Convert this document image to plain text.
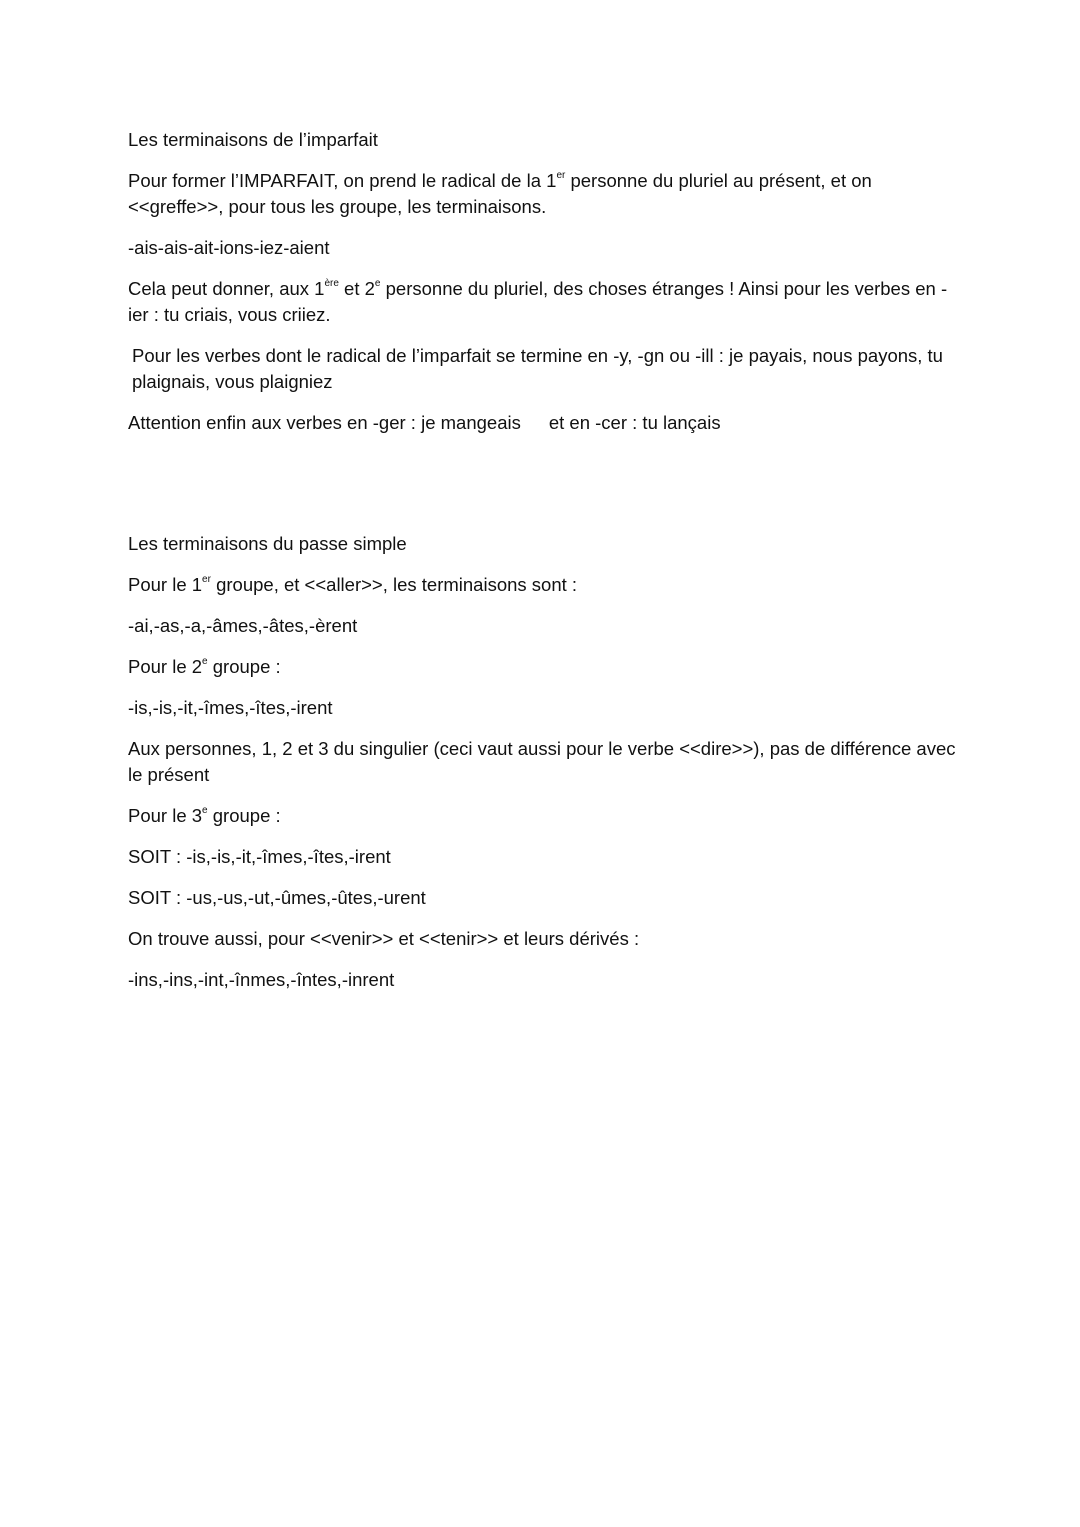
Les terminaisons de l’imparfait
Pour former l’IMPARFAIT, on prend le radical de la 1er personne du pluriel au présent, et on <<greffe>>, pour tous les groupe, les terminaisons.
-ais-ais-ait-ions-iez-aient
Cela peut donner, aux 1ère et 2e personne du pluriel, des choses étranges ! Ainsi pour les verbes en -ier : tu criais, vous criiez.
Pour les verbes dont le radical de l’imparfait se termine en -y, -gn ou -ill : je payais, nous payons, tu plaignais, vous plaigniez
Attention enfin aux verbes en -ger : je mangeais et en -cer : tu lançais
Les terminaisons du passe simple
Pour le 1er groupe, et <<aller>>, les terminaisons sont :
-ai,-as,-a,-âmes,-âtes,-èrent
Pour le 2e groupe :
-is,-is,-it,-îmes,-îtes,-irent
Aux personnes, 1, 2 et 3 du singulier (ceci vaut aussi pour le verbe <<dire>>), pas de différence avec le présent
Pour le 3e groupe :
SOIT : -is,-is,-it,-îmes,-îtes,-irent
SOIT : -us,-us,-ut,-ûmes,-ûtes,-urent
On trouve aussi, pour <<venir>> et <<tenir>> et leurs dérivés :
-ins,-ins,-int,-înmes,-întes,-inrent
